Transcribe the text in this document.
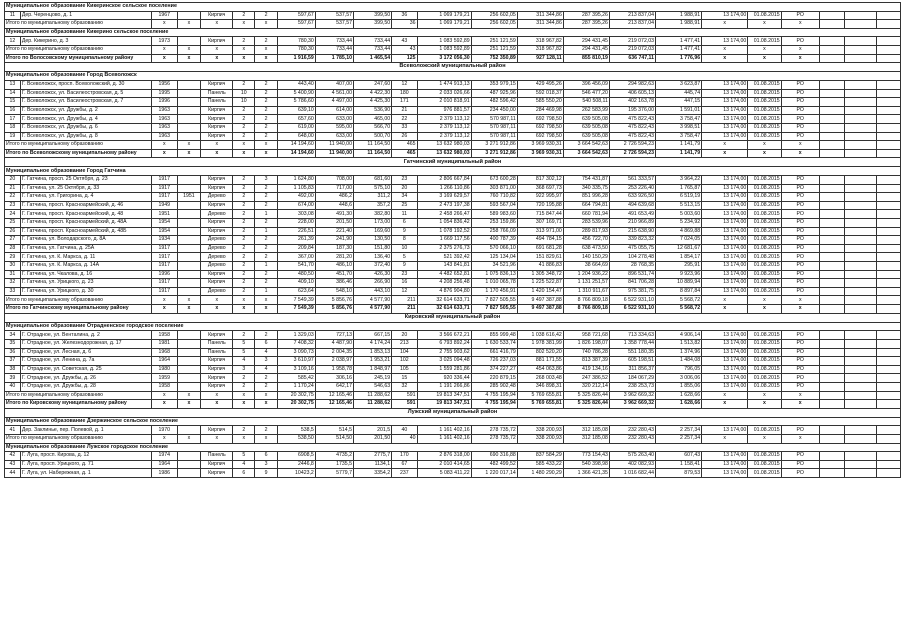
Муниципальное образование Кикеринское сельское поселение																						
11	Дер. Черенцово, д. 1	1967		Кирпич	2	2	597,67	537,57	399,50	36	1 069 179,21	256 602,05	311 344,86	287 395,26	213 837,04	1 988,91	13 174,00	01.08.2015	РО			
Итого по муниципальному образованию		x	x	x	x	x	597,67	537,57	399,50	36	1 069 179,21	256 602,05	311 344,86	287 395,26	213 837,04	1 988,91	x	x	x			
Муниципальное образование Кикерино сельское поселение																						
12	Дер. Кикерино, д. 3	1973		Кирпич	2	2	780,30	733,44	733,44	43	1 083 592,89	251 121,59	318 967,82	294 431,45	219 072,03	1 477,41	13 174,00	01.08.2015	РО			
Итого по муниципальному образованию		x	x	x	x	x	780,30	733,44	733,44	43	1 083 592,89	251 121,59	318 967,82	294 431,45	219 072,03	1 477,41	x	x	x			
Итого по Волосовскому муниципальному району		x	x	x	x	x	1 916,59	1 785,10	1 465,54	125	3 172 056,30	752 350,89	927 128,11	855 810,19	636 747,11	1 776,96	x	x	x			
Всеволожский муниципальный район																						
Муниципальное образование Город Всеволожск																						
13	Г. Всеволожск, просп. Всеволожский, д. 30	1956		Кирпич	2	2	443,40	407,00	247,60	12	1 474 913,13	353 979,15	429 495,26	396 456,09	294 982,63	3 623,87	13 174,00	01.08.2015	РО			
14	Г. Всеволожск, ул. Василеостровская, д. 5	1995		Панель	10	2	5 400,90	4 561,00	4 422,30	180	2 033 026,66	487 925,96	592 018,37	546 477,20	406 605,13	445,74	13 174,00	01.08.2015	РО			
15	Г. Всеволожск, ул. Василеостровская, д. 7	1996		Панель	10	2	5 786,60	4 497,00	4 425,30	171	2 010 818,91	482 596,42	585 550,20	540 508,11	402 163,78	447,15	13 174,00	01.08.2015	РО			
16	Г. Всеволожск, ул. Дружбы, д. 2	1963		Кирпич	2	2	639,10	614,00	536,90	21	976 881,57	234 450,00	284 469,98	262 583,99	195 376,00	1 591,01	13 174,00	01.08.2015	РО			
17	Г. Всеволожск, ул. Дружбы, д. 4	1963		Кирпич	2	2	657,60	633,00	465,00	22	2 379 113,12	570 987,11	692 798,50	639 505,08	475 822,43	3 758,47	13 174,00	01.08.2015	РО			
18	Г. Всеволожск, ул. Дружбы, д. 6	1963		Кирпич	2	2	619,00	595,00	566,70	33	2 379 113,12	570 987,11	692 798,50	639 505,08	475 822,43	3 998,51	13 174,00	01.08.2015	РО			
19	Г. Всеволожск, ул. Дружбы, д. 8	1963		Кирпич	2	2	648,00	633,00	500,70	26	2 379 113,12	570 987,11	692 798,50	639 505,08	475 822,43	3 758,47	13 174,00	01.08.2015	РО			
Итого по муниципальному образованию		x	x	x	x	x	14 194,60	11 940,00	11 164,50	465	13 632 980,03	3 271 912,86	3 969 930,31	3 664 542,63	2 726 594,23	1 141,79	x	x	x			
Итого по Всеволожскому муниципальному району		x	x	x	x	x	14 194,60	11 940,00	11 164,50	465	13 632 980,03	3 271 912,86	3 969 930,31	3 664 542,63	2 726 594,23	1 141,79	x	x	x			
Гатчинский муниципальный район																						
Муниципальное образование Город Гатчина																						
20	Г. Гатчина, просп. 25 Октября, д. 23	1917		Кирпич	2	3	1 624,80	708,00	681,60	23	2 806 667,84	673 600,28	817 302,12	754 431,87	561 333,57	3 964,22	13 174,00	01.08.2015	РО			
21	Г. Гатчина, ул. 25 Октября, д. 33	1917		Кирпич	2	2	1 105,83	717,00	575,10	20	1 266 110,86	303 871,00	368 697,73	340 335,75	253 226,40	1 765,87	13 174,00	01.08.2015	РО			
22	Г. Гатчина, ул. Григорина, д. 4	1917	1951	Дерево	2	2	492,00	486,2	311,2	34	3 169 629,57	760 710,82	922 995,97	851 996,28	633 926,50	6 519,19	13 174,00	01.08.2015	РО			
23	Г. Гатчина, просп. Красноармейский, д. 46	1949		Кирпич	2	2	674,00	448,6	357,2	25	2 473 197,38	593 567,04	720 195,88	664 794,81	494 639,68	5 513,15	13 174,00	01.08.2015	РО			
24	Г. Гатчина, просп. Красноармейский, д. 48	1951		Дерево	2	1	303,08	491,30	382,80	11	2 458 266,47	589 983,60	715 847,44	660 781,94	491 653,49	5 003,60	13 174,00	01.08.2015	РО			
25	Г. Гатчина, просп. Красноармейский, д. 48А	1954		Кирпич	2	2	228,00	201,50	173,00	6	1 054 836,42	253 159,86	307 169,71	283 539,96	210 966,89	5 234,92	13 174,00	01.08.2015	РО			
26	Г. Гатчина, просп. Красноармейский, д. 48Б	1954		Кирпич	2	1	226,51	221,40	169,60	9	1 078 192,52	258 766,09	313 971,00	289 817,93	215 638,90	4 869,88	13 174,00	01.08.2015	РО			
27	Г. Гатчина, ул. Володарского, д. 8А	1934		Дерево	2	2	261,39	241,90	130,50	8	1 669 117,56	400 787,39	494 784,15	456 722,70	339 823,32	7 024,05	13 174,00	01.08.2015	РО			
28	Г. Гатчина, ул. Гатчина, д. 25А	1917		Дерево	2	2	209,84	187,30	151,80	10	2 375 276,73	570 066,10	691 681,28	638 473,50	475 055,75	12 681,67	13 174,00	01.08.2015	РО			
29	Г. Гатчина, ул. К. Маркса, д. 11	1917		Дерево	2	2	367,00	281,20	136,40	5	521 392,42	125 134,04	151 829,61	140 150,29	104 278,48	1 854,17	13 174,00	01.08.2015	РО			
30	Г. Гатчина, ул. К. Маркса, д. 14А	1917		Дерево	2	1	541,70	486,10	372,40	9	143 841,81	34 521,96	41 886,83	38 664,69	28 768,35	295,91	13 174,00	01.08.2015	РО			
31	Г. Гатчина, ул. Чкалова, д. 16	1996		Кирпич	2	2	480,50	451,70	426,30	23	4 482 652,81	1 075 836,13	1 305 348,72	1 204 936,22	896 531,74	9 923,96	13 174,00	01.08.2015	РО			
32	Г. Гатчина, ул. Урицкого, д. 23	1917		Кирпич	2	2	409,10	386,46	266,90	16	4 208 256,48	1 010 065,78	1 225 522,87	1 131 251,57	841 706,28	10 889,94	13 174,00	01.08.2015	РО			
33	Г. Гатчина, ул. Урицкого, д. 30	1917		Дерево	2	1	623,64	548,10	443,10	12	4 876 904,80	1 170 456,91	1 420 154,47	1 310 911,67	975 381,75	8 897,84	13 174,00	01.08.2015	РО			
Итого по муниципальному образованию		x	x	x	x	x	7 549,39	5 856,76	4 577,90	211	32 614 633,71	7 827 505,55	9 497 387,88	8 766 809,18	6 522 931,10	5 568,72	x	x	x			
Итого по Гатчинскому муниципальному району		x	x	x	x	x	7 549,39	5 856,76	4 577,90	211	32 614 633,71	7 827 505,55	9 497 387,88	8 766 809,18	6 522 931,10	5 568,72	x	x	x			
Кировский муниципальный район																						
Муниципальное образование Отрадненское городское поселение																						
34	Г. Отрадное, ул. Венталина, д. 2	1958		Кирпич	2	2	1 329,03	727,13	667,15	20	3 566 672,21	855 999,48	1 038 616,42	958 721,68	713 334,63	4 906,14	13 174,00	01.08.2015	РО			
35	Г. Отрадное, ул. Железнодорожная, д. 17	1981		Панель	5	6	7 408,32	4 487,90	4 174,24	213	6 793 892,24	1 630 533,74	1 978 381,99	1 826 198,07	1 358 778,44	1 513,82	13 174,00	01.08.2015	РО			
36	Г. Отрадное, ул. Лесная, д. 6	1968		Панель	5	4	3 090,73	2 004,35	1 853,13	104	2 755 903,62	661 416,79	802 520,20	740 786,28	551 180,35	1 374,96	13 174,00	01.08.2015	РО			
37	Г. Отрадное, ул. Ленина, д. 7а	1964		Кирпич	4	3	3 610,97	2 038,97	1 953,21	102	3 025 094,48	726 237,03	881 171,55	813 387,39	605 198,51	1 484,08	13 174,00	01.08.2015	РО			
38	Г. Отрадное, ул. Советская, д. 25	1980		Кирпич	3	4	3 109,16	1 958,78	1 848,97	105	1 559 281,86	374 227,27	454 063,86	419 134,16	311 856,37	796,05	13 174,00	01.08.2015	РО			
39	Г. Отрадное, ул. Дружбы, д. 26	1959		Кирпич	2	2	585,42	306,16	245,19	15	920 336,44	220 879,15	268 003,48	247 386,52	184 067,29	3 006,06	13 174,00	01.08.2015	РО			
40	Г. Отрадное, ул. Дружбы, д. 28	1958		Кирпич	2	2	1 170,24	642,17	546,63	32	1 191 266,86	285 902,48	346 898,31	320 212,14	238 253,73	1 855,06	13 174,00	01.08.2015	РО			
Итого по муниципальному образованию		x	x	x	x	x	20 302,75	12 165,46	11 288,62	591	19 813 347,51	4 755 195,94	5 769 655,81	5 325 826,44	3 962 669,32	1 628,66	x	x	x			
Итого по Кировскому муниципальному району		x	x	x	x	x	20 302,75	12 165,46	11 288,62	591	19 813 347,51	4 755 195,94	5 769 655,81	5 325 826,44	3 962 669,32	1 628,66	x	x	x			
Лужский муниципальный район																						
Муниципальное образование Дзержинское сельское поселение																						
41	Дер. Заклинье, пер. Полевой, д. 1	1970		Кирпич	2	2	538,5	514,5	201,5	40	1 161 402,16	278 735,72	338 200,93	312 185,08	232 280,43	2 257,34	13 174,00	01.08.2015	РО			
Итого по муниципальному образованию		x	x	x	x	x	538,50	514,50	201,50	40	1 161 402,16	278 735,72	338 200,93	312 185,08	232 280,43	2 257,34	x	x	x			
Муниципальное образование Лужское городское поселение																						
42	Г. Луга, просп. Кирова, д. 12	1974		Панель	5	6	6908,5	4735,2	2775,7	170	2 876 318,00	690 316,88	837 584,29	773 154,43	575 263,40	607,43	13 174,00	01.08.2015	РО			
43	Г. Луга, просп. Урицкого, д. 71	1964		Кирпич	4	3	2446,8	1735,5	1134,1	67	2 010 414,65	482 499,52	585 433,22	540 398,98	402 082,93	1 158,41	13 174,00	01.08.2015	РО			
44	Г. Луга, ул. Набережная, д. 1	1986		Кирпич	6	9	10423,2	5779,7	3354,2	237	5 083 411,22	1 220 017,14	1 480 290,29	1 366 421,35	1 016 682,44	879,53	13 174,00	01.08.2015	РО			
